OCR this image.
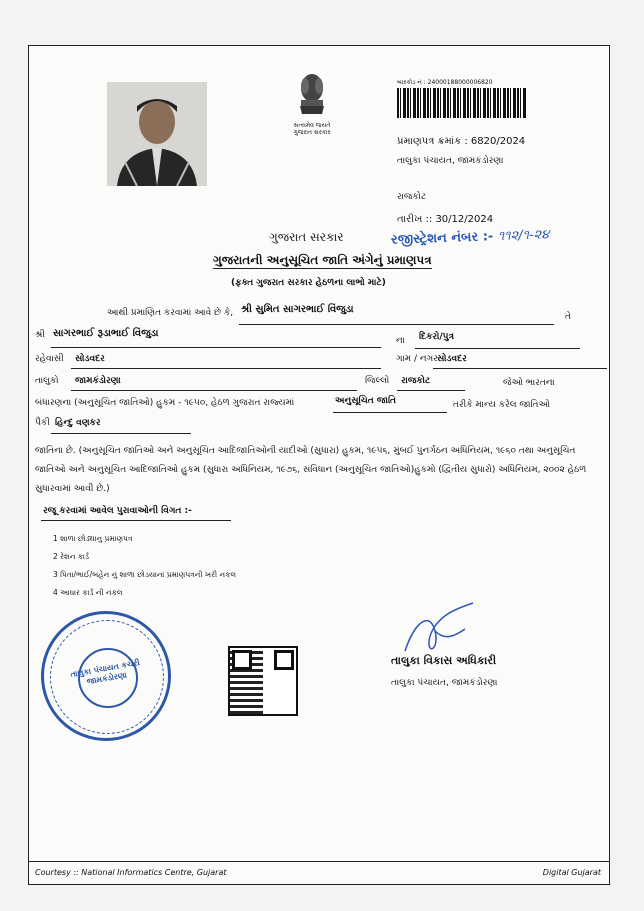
સત્યમેવ જયતે ગુજરાત સરકાર
બારકોડ નં : 24000188000006820
પ્રમાણપત્ર ક્રમાંક : 6820/2024
તાલુકા પંચાયત, જામકંડોરણા
રાજકોટ
તારીખ :: 30/12/2024
રજીસ્ટ્રેશન નંબર :- ૧૧૨/૧-૨૪
ગુજરાત સરકાર
ગુજરાતની અનુસૂચિત જાતિ અંગેનું પ્રમાણપત્ર
(ફક્ત ગુજરાત સરકાર હેઠળના લાભો માટે)
આથી પ્રમાણિત કરવામાં આવે છે કે, શ્રી સુમિત સાગરભાઈ વિંજુડા
તે
શ્રી સાગરભાઈ રૂડાભાઈ વિંજુડા
ના દિકરો/પુત્ર
રહેવાસી સોડવદર	ગામ / નગર સોડવદર
તાલુકો જામકંડોરણા	જિલ્લો રાજકોટ	જેઓ ભારતના
બંધારણના (અનુસૂચિત જાતિઓ) હુકમ - ૧૯૫૦, હેઠળ ગુજરાત રાજ્યમાં	અનુસૂચિત જાતિ	તરીકે માન્ય કરેલ જાતિઓ
પૈકી હિન્દુ વણકર
જાતિના છે. (અનુસૂચિત જાતિઓ અને અનુસૂચિત આદિજાતિઓની યાદીઓ (સુધારા) હુકમ, ૧૯૫૬, મુંબઈ પુનર્ગઠન અધિનિયમ, ૧૯૬૦ તથા અનુસૂચિત જાતિઓ અને અનુસૂચિત આદિજાતિઓ હુકમ (સુધારા અધિનિયમ, ૧૯૭૬, સંવિધાન (અનુસૂચિત જાતિઓ)હુકમો (દ્વિતીય સુધારો) અધિનિયમ, ૨૦૦૨ હેઠળ સુધારવામાં આવી છે.)
રજૂ કરવામાં આવેલ પુરાવાઓની વિગત :-
1 શાળા છોડ્યાનુ પ્રમાણપત્ર
2 રેશન કાર્ડ
3 પિતા/ભાઈ/બહેન નું શાળા છોડયાનાં પ્રમાણપત્રની ખરી નકલ
4 આધાર કાર્ડ ની નકલ
તાલુકા પંચાયત કચેરી જામકંડોરણા
તાલુકા વિકાસ અધિકારી
તાલુકા પંચાયત, જામકંડોરણા
Courtesy :: National Informatics Centre, Gujarat	Digital Gujarat
